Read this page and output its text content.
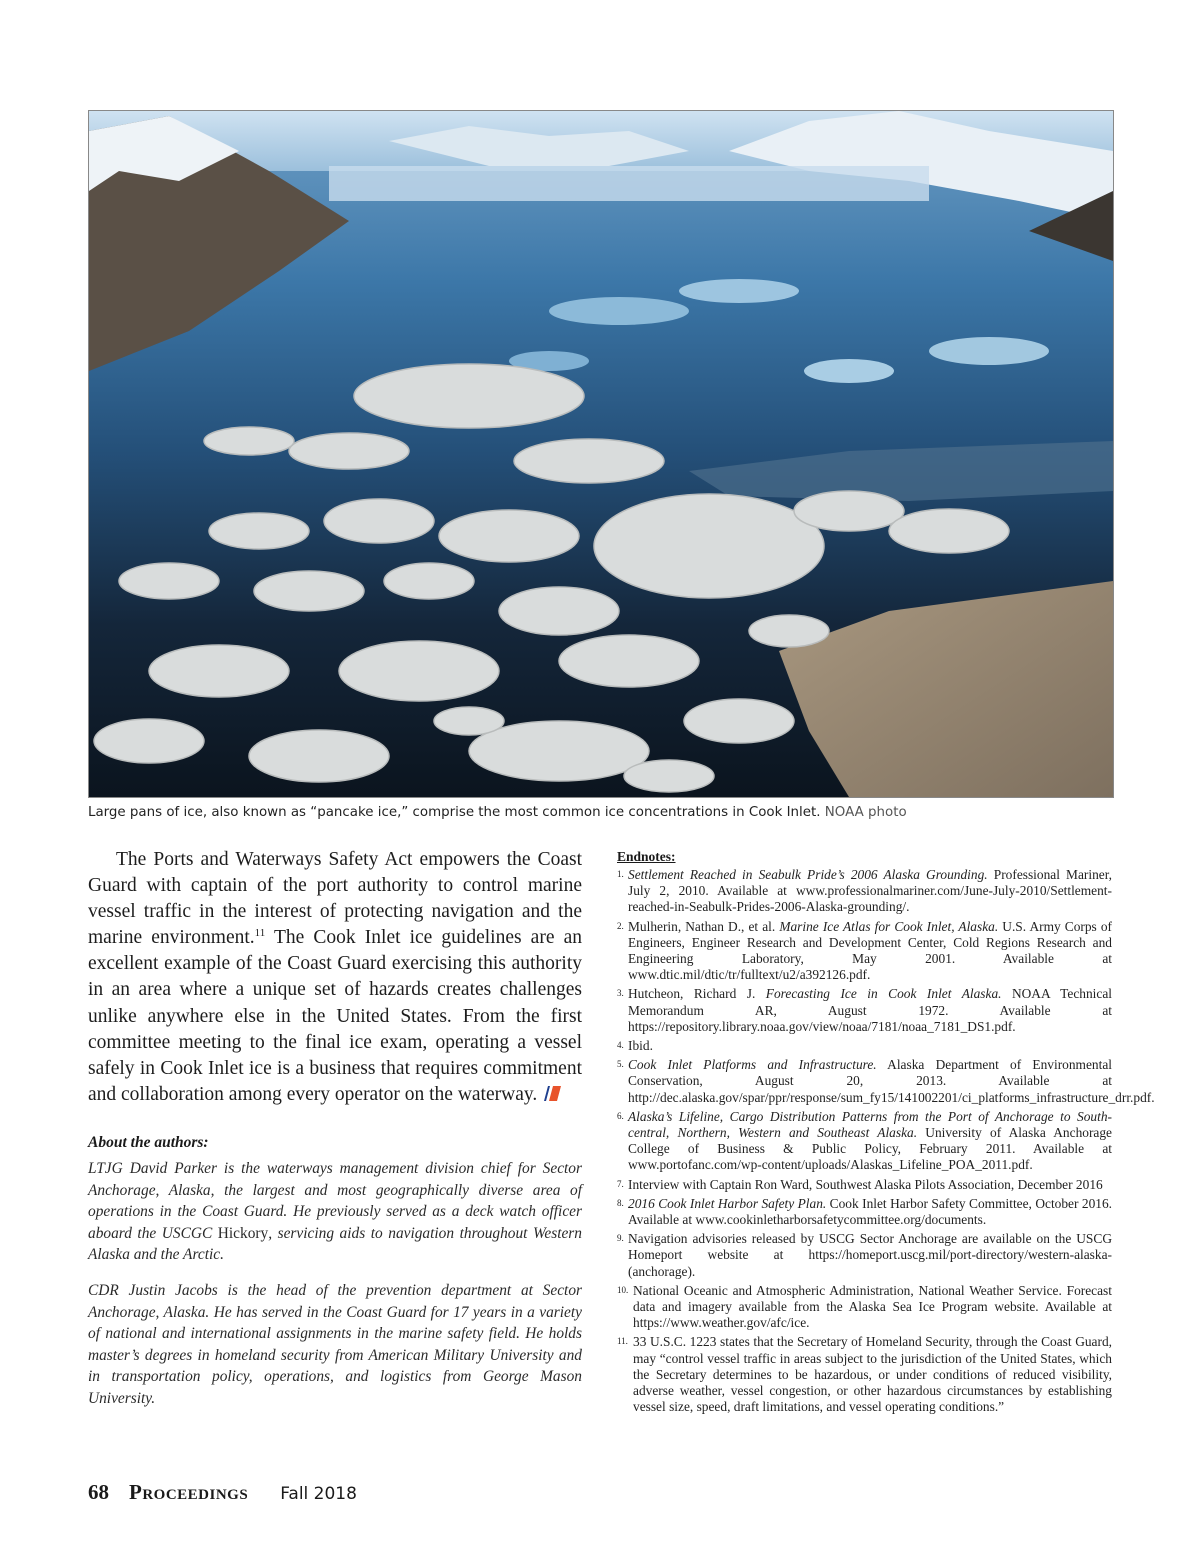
Large pans of ice, also known as “pancake ice,” comprise the most common ice concentrations in Cook Inlet. NOAA photo

The Ports and Waterways Safety Act empowers the Coast Guard with captain of the port authority to control marine vessel traffic in the interest of protecting navigation and the marine environment.$^{11}$ The Cook Inlet ice guidelines are an excellent example of the Coast Guard exercising this authority in an area where a unique set of hazards creates challenges unlike anywhere else in the United States. From the first committee meeting to the final ice exam, operating a vessel safely in Cook Inlet ice is a business that requires commitment and collaboration among every operator on the waterway.

About the authors:

LTJG David Parker is the waterways management division chief for Sector Anchorage, Alaska, the largest and most geographically diverse area of operations in the Coast Guard. He previously served as a deck watch officer aboard the USCGC Hickory, servicing aids to navigation throughout Western Alaska and the Arctic.

CDR Justin Jacobs is the head of the prevention department at Sector Anchorage, Alaska. He has served in the Coast Guard for 17 years in a variety of national and international assignments in the marine safety field. He holds master’s degrees in homeland security from American Military University and in transportation policy, operations, and logistics from George Mason University.

Endnotes:
1. Settlement Reached in Seabulk Pride’s 2006 Alaska Grounding. Professional Mariner, July 2, 2010. Available at www.professionalmariner.com/June-July-2010/Settlement-reached-in-Seabulk-Prides-2006-Alaska-grounding/.
2. Mulherin, Nathan D., et al. Marine Ice Atlas for Cook Inlet, Alaska. U.S. Army Corps of Engineers, Engineer Research and Development Center, Cold Regions Research and Engineering Laboratory, May 2001. Available at www.dtic.mil/dtic/tr/fulltext/u2/a392126.pdf.
3. Hutcheon, Richard J. Forecasting Ice in Cook Inlet Alaska. NOAA Technical Memorandum AR, August 1972. Available at https://repository.library.noaa.gov/view/noaa/7181/noaa_7181_DS1.pdf.
4. Ibid.
5. Cook Inlet Platforms and Infrastructure. Alaska Department of Environmental Conservation, August 20, 2013. Available at http://dec.alaska.gov/spar/ppr/response/sum_fy15/141002201/ci_platforms_infrastructure_drr.pdf.
6. Alaska’s Lifeline, Cargo Distribution Patterns from the Port of Anchorage to South-central, Northern, Western and Southeast Alaska. University of Alaska Anchorage College of Business & Public Policy, February 2011. Available at www.portofanc.com/wp-content/uploads/Alaskas_Lifeline_POA_2011.pdf.
7. Interview with Captain Ron Ward, Southwest Alaska Pilots Association, December 2016
8. 2016 Cook Inlet Harbor Safety Plan. Cook Inlet Harbor Safety Committee, October 2016. Available at www.cookinletharborsafetycommittee.org/documents.
9. Navigation advisories released by USCG Sector Anchorage are available on the USCG Homeport website at https://homeport.uscg.mil/port-directory/western-alaska-(anchorage).
10. National Oceanic and Atmospheric Administration, National Weather Service. Forecast data and imagery available from the Alaska Sea Ice Program website. Available at https://www.weather.gov/afc/ice.
11. 33 U.S.C. 1223 states that the Secretary of Homeland Security, through the Coast Guard, may “control vessel traffic in areas subject to the jurisdiction of the United States, which the Secretary determines to be hazardous, or under conditions of reduced visibility, adverse weather, vessel congestion, or other hazardous circumstances by establishing vessel size, speed, draft limitations, and vessel operating conditions.”
68 Proceedings Fall 2018
